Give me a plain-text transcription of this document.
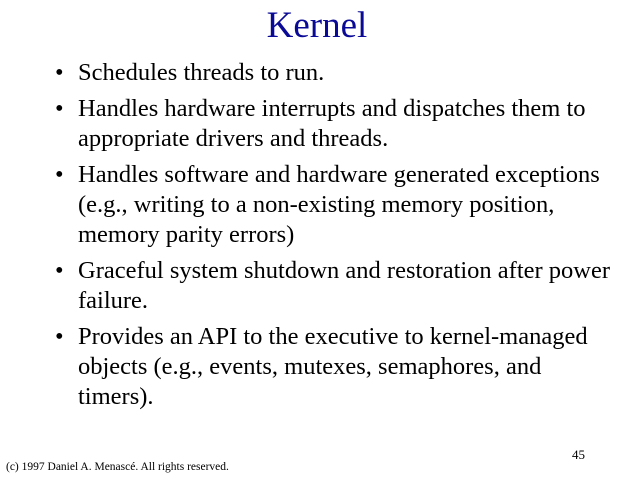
Kernel
• Schedules threads to run.
• Handles hardware interrupts and dispatches them to appropriate drivers and threads.
• Handles software and hardware generated exceptions (e.g., writing to a non-existing memory position, memory parity errors)
• Graceful system shutdown and restoration after power failure.
• Provides an API to the executive to kernel-managed objects (e.g., events, mutexes, semaphores, and timers).
(c) 1997 Daniel A. Menascé. All rights reserved.
45
